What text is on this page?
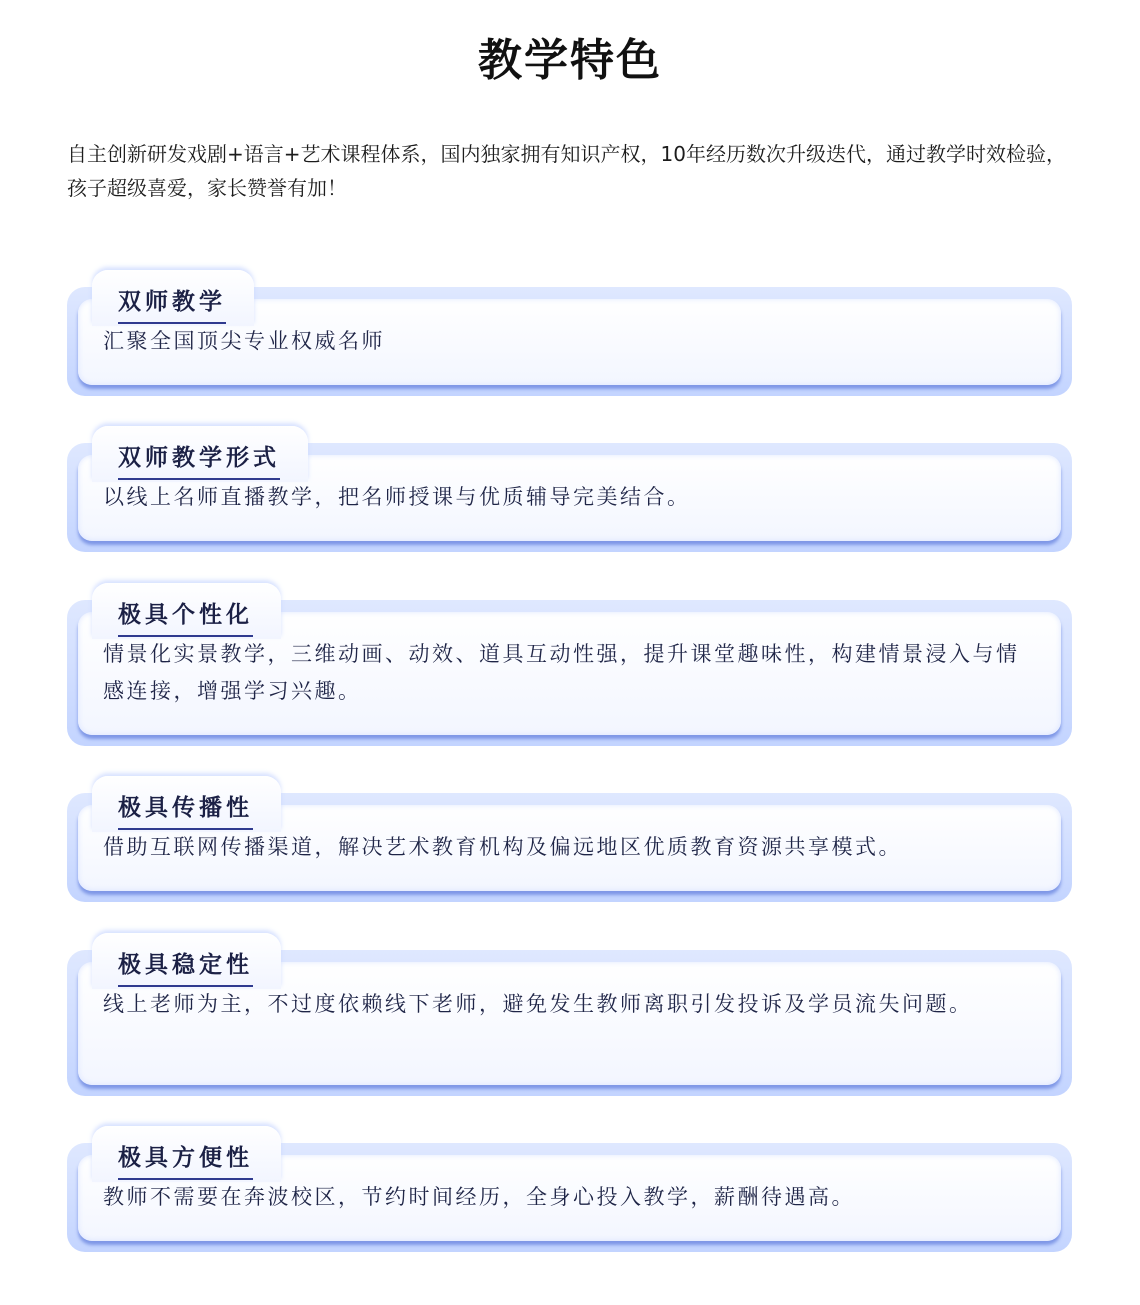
教学特色

自主创新研发戏剧+语言+艺术课程体系，国内独家拥有知识产权，10年经历数次升级迭代，通过教学时效检验，孩子超级喜爱，家长赞誉有加！

双师教学

汇聚全国顶尖专业权威名师

双师教学形式

以线上名师直播教学，把名师授课与优质辅导完美结合。

极具个性化

情景化实景教学，三维动画、动效、道具互动性强，提升课堂趣味性，构建情景浸入与情感连接，增强学习兴趣。

极具传播性

借助互联网传播渠道，解决艺术教育机构及偏远地区优质教育资源共享模式。

极具稳定性

线上老师为主，不过度依赖线下老师，避免发生教师离职引发投诉及学员流失问题。

极具方便性

教师不需要在奔波校区，节约时间经历，全身心投入教学，薪酬待遇高。
